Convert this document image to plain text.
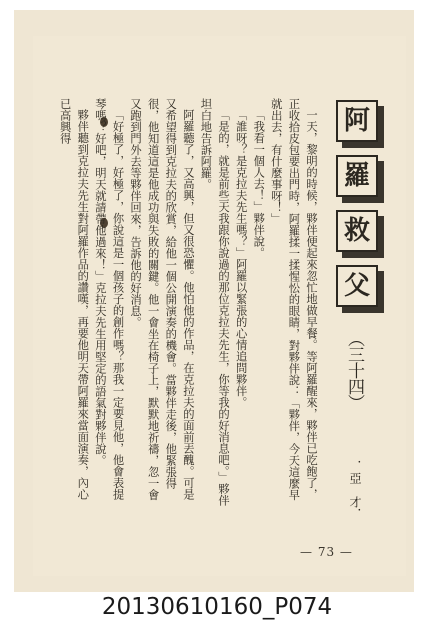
阿
羅
救
父
（三十四）
．亞　才．

一天，黎明的時候，夥伴便起來忽忙地做早餐。等阿羅醒來，夥伴已吃飽了，正收拾皮包要出門時，阿羅揉一揉惺忪的眼睛，對夥伴說：「夥伴，今天這麼早就出去，有什麼事呀！」

「我看一個人去！」夥伴說。

「誰呀？是克拉夫先生嗎？」阿羅以緊張的心情追問夥伴。

「是的，就是前些天我跟你說過的那位克拉夫先生，你等我的好消息吧。」夥伴坦白地告訴阿羅。

阿羅聽了，又高興，但又很恐懼。他怕他的作品，在克拉夫的面前丟醜。可是又希望得到克拉夫的欣賞，給他一個公開演奏的機會。當夥伴走後，他緊張得很，他知道這是他成功與失敗的關鍵。他一會坐在椅子上，默默地祈禱，忽一會又跑到門外去等夥伴回來，告訴他的好消息。

「好極了，好極了，你說這是一個孩子的創作嗎？那我一定要見他，他會表提琴嗎？好吧，明天就請帶他過來！」克拉夫先生用堅定的語氣對夥伴說。

夥伴聽到克拉夫先生對阿羅作品的讚嘆，再要他明天帶阿羅來當面演奏，內心已高興得

— 73 —
20130610160_P074
